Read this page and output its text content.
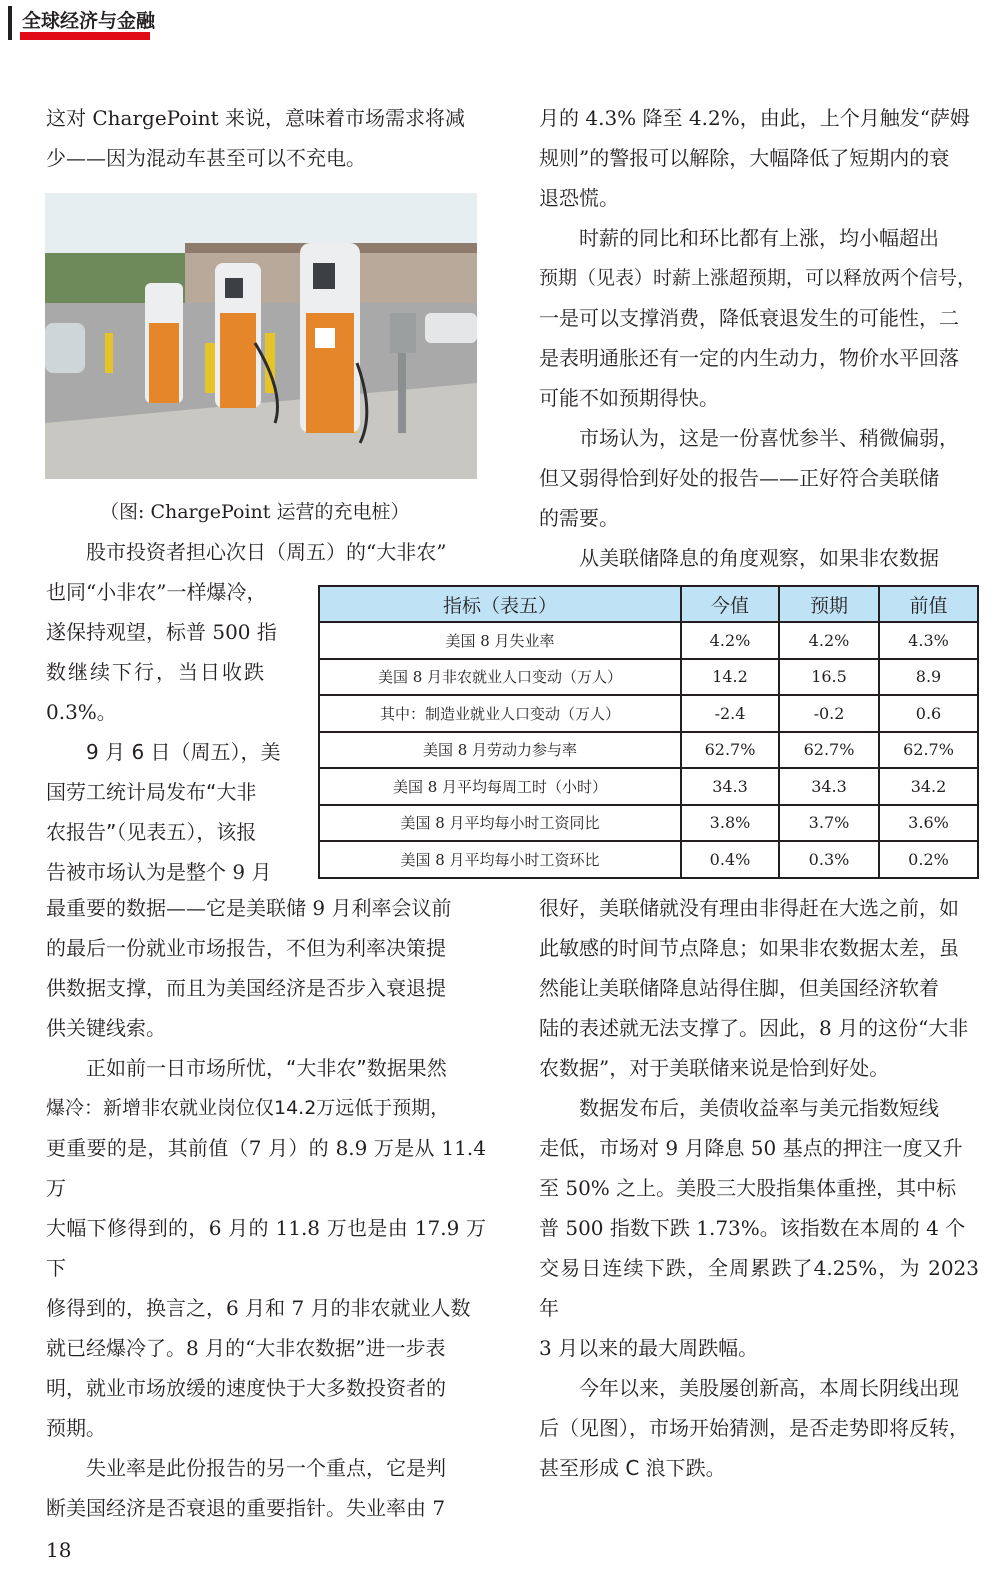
全球经济与金融

这对 ChargePoint 来说，意味着市场需求将减

少——因为混动车甚至可以不充电。

（图: ChargePoint 运营的充电桩）

股市投资者担心次日（周五）的“大非农”

也同“小非农”一样爆冷，

遂保持观望，标普 500 指

数继续下行，当日收跌

0.3%。

9 月 6 日（周五），美

国劳工统计局发布“大非

农报告”（见表五），该报

告被市场认为是整个 9 月

指标（表五）	今值	预期	前值
美国 8 月失业率	4.2%	4.2%	4.3%
美国 8 月非农就业人口变动（万人）	14.2	16.5	8.9
其中：制造业就业人口变动（万人）	-2.4	-0.2	0.6
美国 8 月劳动力参与率	62.7%	62.7%	62.7%
美国 8 月平均每周工时（小时）	34.3	34.3	34.2
美国 8 月平均每小时工资同比	3.8%	3.7%	3.6%
美国 8 月平均每小时工资环比	0.4%	0.3%	0.2%

最重要的数据——它是美联储 9 月利率会议前

的最后一份就业市场报告，不但为利率决策提

供数据支撑，而且为美国经济是否步入衰退提

供关键线索。

正如前一日市场所忧，“大非农”数据果然

爆冷：新增非农就业岗位仅14.2万远低于预期，

更重要的是，其前值（7 月）的 8.9 万是从 11.4 万

大幅下修得到的，6 月的 11.8 万也是由 17.9 万下

修得到的，换言之，6 月和 7 月的非农就业人数

就已经爆冷了。8 月的“大非农数据”进一步表

明，就业市场放缓的速度快于大多数投资者的

预期。

失业率是此份报告的另一个重点，它是判

断美国经济是否衰退的重要指针。失业率由 7

月的 4.3% 降至 4.2%，由此，上个月触发“萨姆

规则”的警报可以解除，大幅降低了短期内的衰

退恐慌。

时薪的同比和环比都有上涨，均小幅超出

预期（见表）时薪上涨超预期，可以释放两个信号，

一是可以支撑消费，降低衰退发生的可能性，二

是表明通胀还有一定的内生动力，物价水平回落

可能不如预期得快。

市场认为，这是一份喜忧参半、稍微偏弱，

但又弱得恰到好处的报告——正好符合美联储

的需要。

从美联储降息的角度观察，如果非农数据

很好，美联储就没有理由非得赶在大选之前，如

此敏感的时间节点降息；如果非农数据太差，虽

然能让美联储降息站得住脚，但美国经济软着

陆的表述就无法支撑了。因此，8 月的这份“大非

农数据”，对于美联储来说是恰到好处。

数据发布后，美债收益率与美元指数短线

走低，市场对 9 月降息 50 基点的押注一度又升

至 50% 之上。美股三大股指集体重挫，其中标

普 500 指数下跌 1.73%。该指数在本周的 4 个

交易日连续下跌，全周累跌了4.25%，为 2023 年

3 月以来的最大周跌幅。

今年以来，美股屡创新高，本周长阴线出现

后（见图），市场开始猜测，是否走势即将反转，

甚至形成 C 浪下跌。

18
